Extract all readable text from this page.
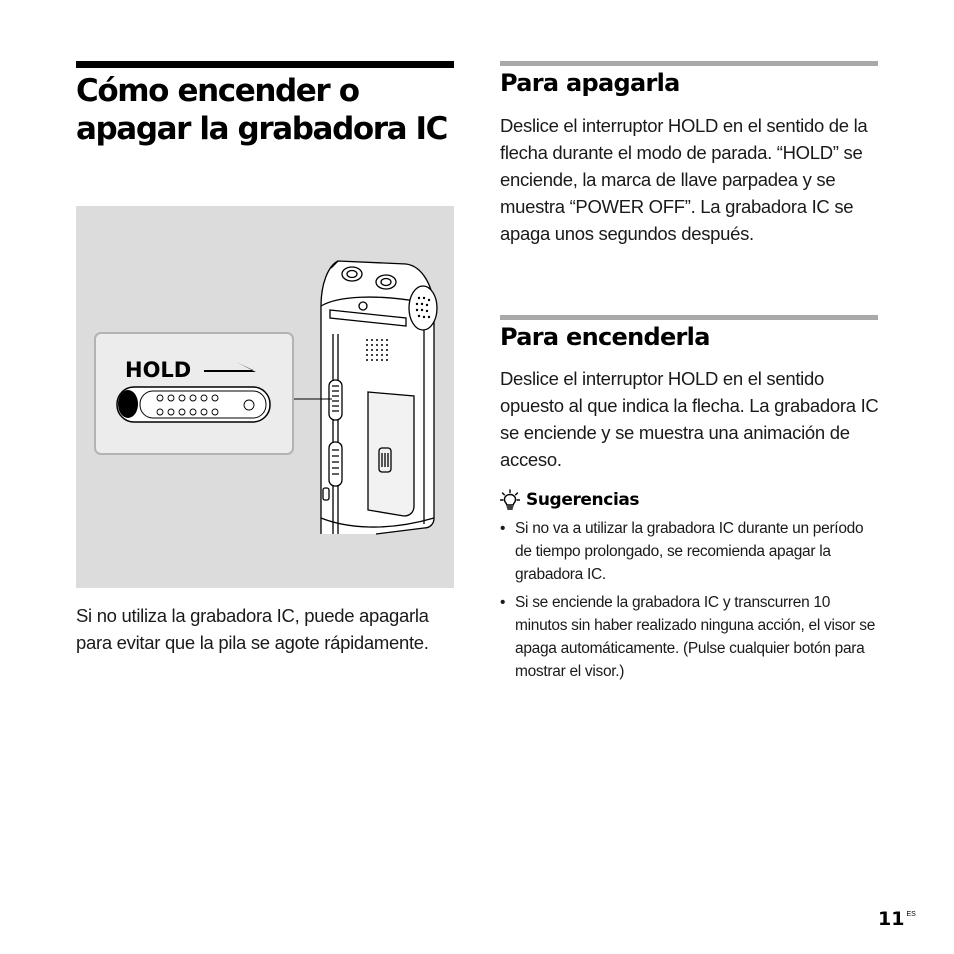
Cómo encender o apagar la grabadora IC
HOLD

Si no utiliza la grabadora IC, puede apagarla para evitar que la pila se agote rápidamente.

Para apagarla

Deslice el interruptor HOLD en el sentido de la flecha durante el modo de parada. “HOLD” se enciende, la marca de llave parpadea y se muestra “POWER OFF”. La grabadora IC se apaga unos segundos después.

Para encenderla

Deslice el interruptor HOLD en el sentido opuesto al que indica la flecha. La grabadora IC se enciende y se muestra una animación de acceso.

Sugerencias
• Si no va a utilizar la grabadora IC durante un período de tiempo prolongado, se recomienda apagar la grabadora IC.
• Si se enciende la grabadora IC y transcurren 10 minutos sin haber realizado ninguna acción, el visor se apaga automáticamente. (Pulse cualquier botón para mostrar el visor.)
11 ES
